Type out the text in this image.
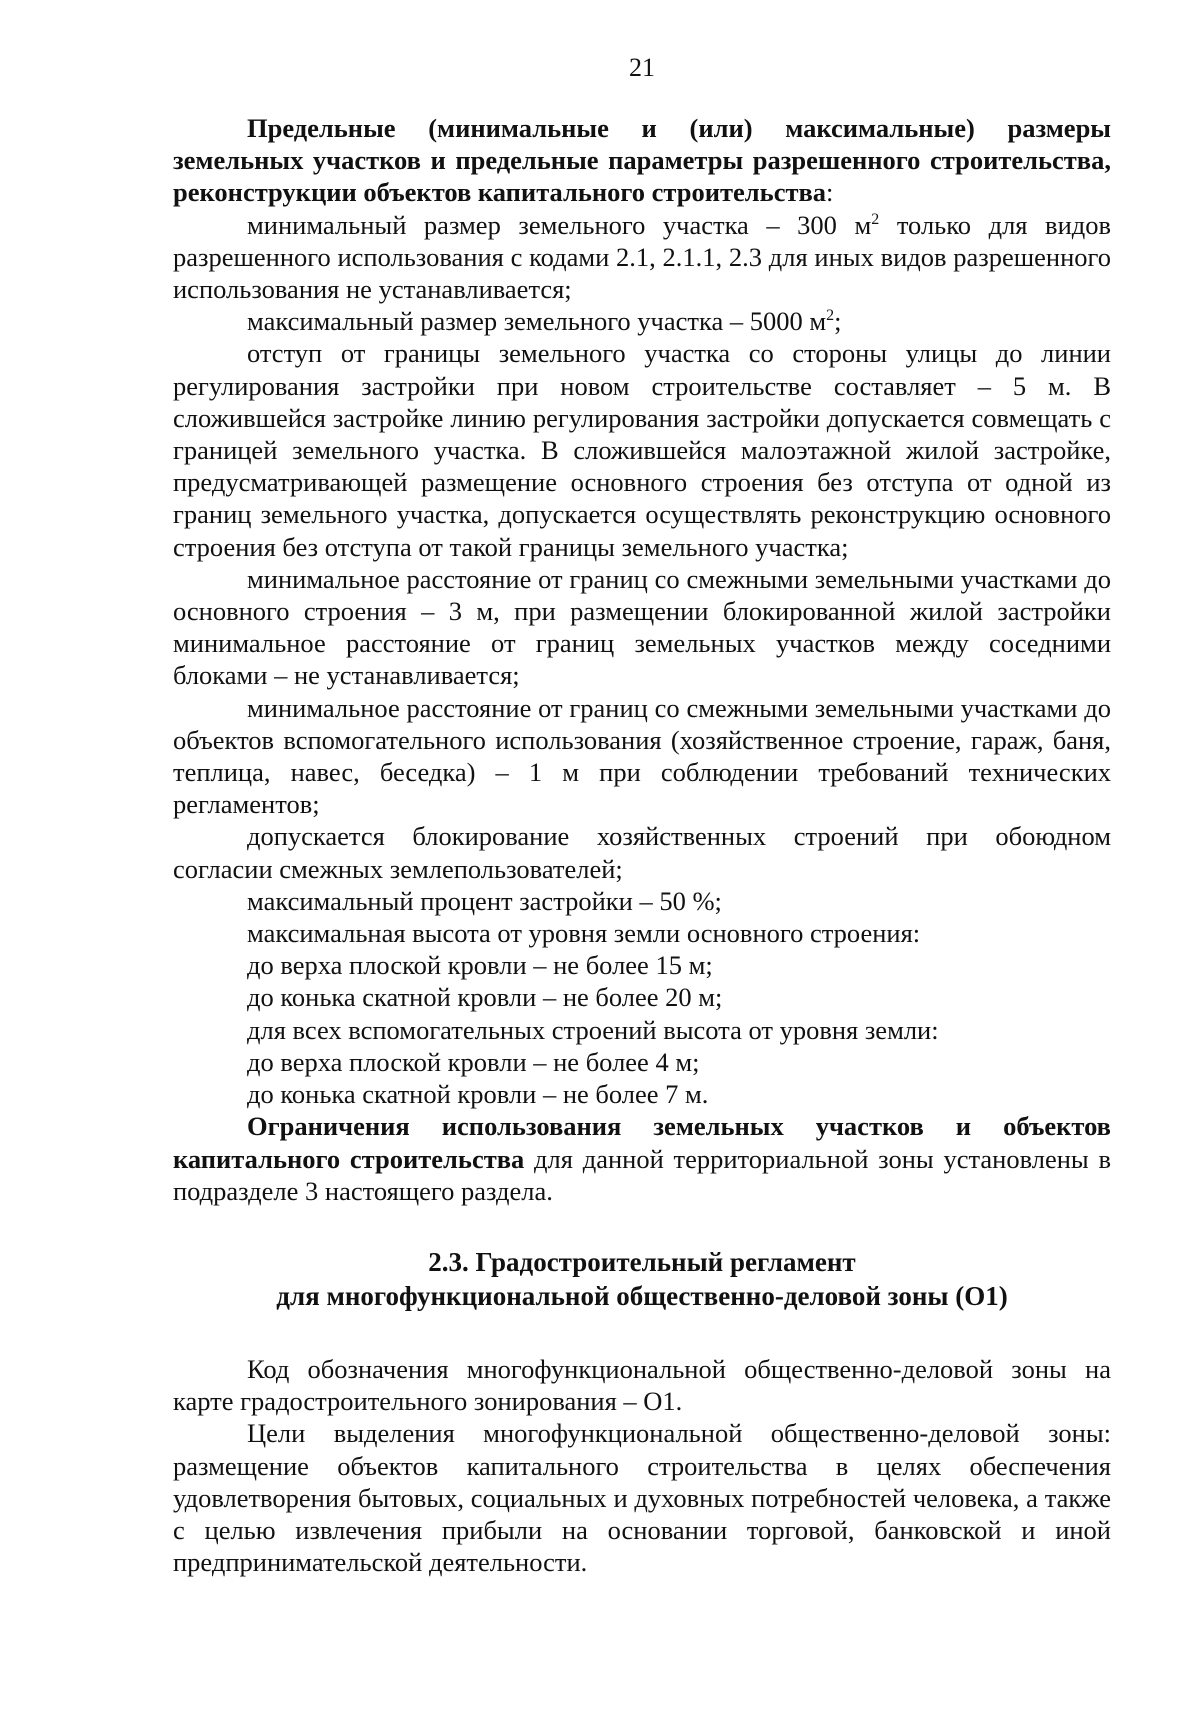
21

Предельные (минимальные и (или) максимальные) размеры земельных участков и предельные параметры разрешенного строительства, реконструкции объектов капитального строительства:

минимальный размер земельного участка – 300 $м^2$ только для видов разрешенного использования с кодами 2.1, 2.1.1, 2.3 для иных видов разрешенного использования не устанавливается;

максимальный размер земельного участка – 5000 $м^2$;

отступ от границы земельного участка со стороны улицы до линии регулирования застройки при новом строительстве составляет – 5 м. В сложившейся застройке линию регулирования застройки допускается совмещать с границей земельного участка. В сложившейся малоэтажной жилой застройке, предусматривающей размещение основного строения без отступа от одной из границ земельного участка, допускается осуществлять реконструкцию основного строения без отступа от такой границы земельного участка;

минимальное расстояние от границ со смежными земельными участками до основного строения – 3 м, при размещении блокированной жилой застройки минимальное расстояние от границ земельных участков между соседними блоками – не устанавливается;

минимальное расстояние от границ со смежными земельными участками до объектов вспомогательного использования (хозяйственное строение, гараж, баня, теплица, навес, беседка) – 1 м при соблюдении требований технических регламентов;

допускается блокирование хозяйственных строений при обоюдном согласии смежных землепользователей;

максимальный процент застройки – 50 %;

максимальная высота от уровня земли основного строения:

до верха плоской кровли – не более 15 м;

до конька скатной кровли – не более 20 м;

для всех вспомогательных строений высота от уровня земли:

до верха плоской кровли – не более 4 м;

до конька скатной кровли – не более 7 м.

Ограничения использования земельных участков и объектов капитального строительства для данной территориальной зоны установлены в подразделе 3 настоящего раздела.

2.3. Градостроительный регламент
для многофункциональной общественно-деловой зоны (О1)

Код обозначения многофункциональной общественно-деловой зоны на карте градостроительного зонирования – О1.

Цели выделения многофункциональной общественно-деловой зоны: размещение объектов капитального строительства в целях обеспечения удовлетворения бытовых, социальных и духовных потребностей человека, а также с целью извлечения прибыли на основании торговой, банковской и иной предпринимательской деятельности.
